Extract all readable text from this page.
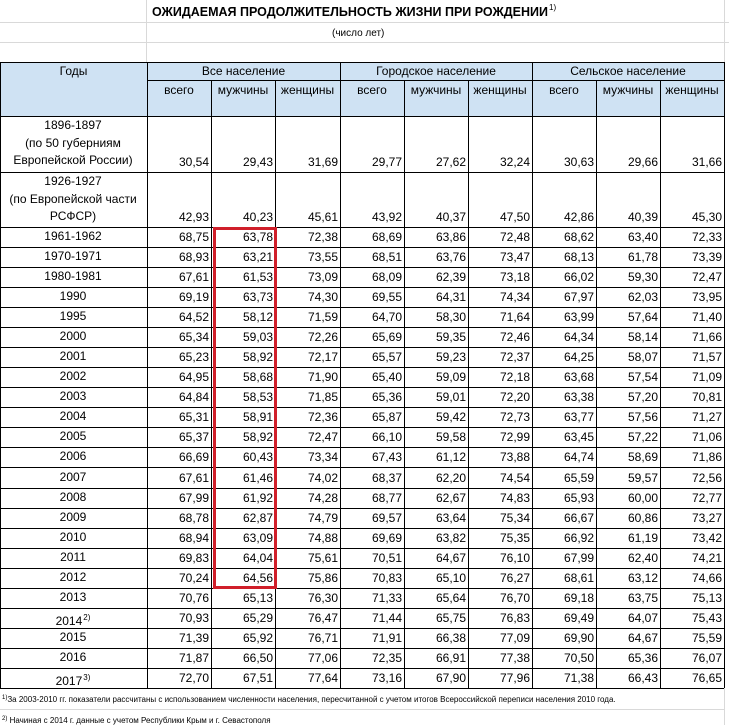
ОЖИДАЕМАЯ ПРОДОЛЖИТЕЛЬНОСТЬ ЖИЗНИ ПРИ РОЖДЕНИИ$^{1)}$
(число лет)
Годы	Все население	Городское население	Сельское население
всего	мужчины	женщины	всего	мужчины	женщины	всего	мужчины	женщины
1896-1897
(по 50 губерниям
Европейской России)	30,54	29,43	31,69	29,77	27,62	32,24	30,63	29,66	31,66
1926-1927
(по Европейской части
РСФСР)	42,93	40,23	45,61	43,92	40,37	47,50	42,86	40,39	45,30
1961-1962	68,75	63,78	72,38	68,69	63,86	72,48	68,62	63,40	72,33
1970-1971	68,93	63,21	73,55	68,51	63,76	73,47	68,13	61,78	73,39
1980-1981	67,61	61,53	73,09	68,09	62,39	73,18	66,02	59,30	72,47
1990	69,19	63,73	74,30	69,55	64,31	74,34	67,97	62,03	73,95
1995	64,52	58,12	71,59	64,70	58,30	71,64	63,99	57,64	71,40
2000	65,34	59,03	72,26	65,69	59,35	72,46	64,34	58,14	71,66
2001	65,23	58,92	72,17	65,57	59,23	72,37	64,25	58,07	71,57
2002	64,95	58,68	71,90	65,40	59,09	72,18	63,68	57,54	71,09
2003	64,84	58,53	71,85	65,36	59,01	72,20	63,38	57,20	70,81
2004	65,31	58,91	72,36	65,87	59,42	72,73	63,77	57,56	71,27
2005	65,37	58,92	72,47	66,10	59,58	72,99	63,45	57,22	71,06
2006	66,69	60,43	73,34	67,43	61,12	73,88	64,74	58,69	71,86
2007	67,61	61,46	74,02	68,37	62,20	74,54	65,59	59,57	72,56
2008	67,99	61,92	74,28	68,77	62,67	74,83	65,93	60,00	72,77
2009	68,78	62,87	74,79	69,57	63,64	75,34	66,67	60,86	73,27
2010	68,94	63,09	74,88	69,69	63,82	75,35	66,92	61,19	73,42
2011	69,83	64,04	75,61	70,51	64,67	76,10	67,99	62,40	74,21
2012	70,24	64,56	75,86	70,83	65,10	76,27	68,61	63,12	74,66
2013	70,76	65,13	76,30	71,33	65,64	76,70	69,18	63,75	75,13
2014$^{2)}$	70,93	65,29	76,47	71,44	65,75	76,83	69,49	64,07	75,43
2015	71,39	65,92	76,71	71,91	66,38	77,09	69,90	64,67	75,59
2016	71,87	66,50	77,06	72,35	66,91	77,38	70,50	65,36	76,07
2017$^{3)}$	72,70	67,51	77,64	73,16	67,90	77,96	71,38	66,43	76,65
$^{1)}$За 2003-2010 гг. показатели рассчитаны с использованием численности населения, пересчитанной с учетом итогов Всероссийской переписи населения 2010 года.
$^{2)}$ Начиная с 2014 г. данные с учетом Республики Крым и г. Севастополя
